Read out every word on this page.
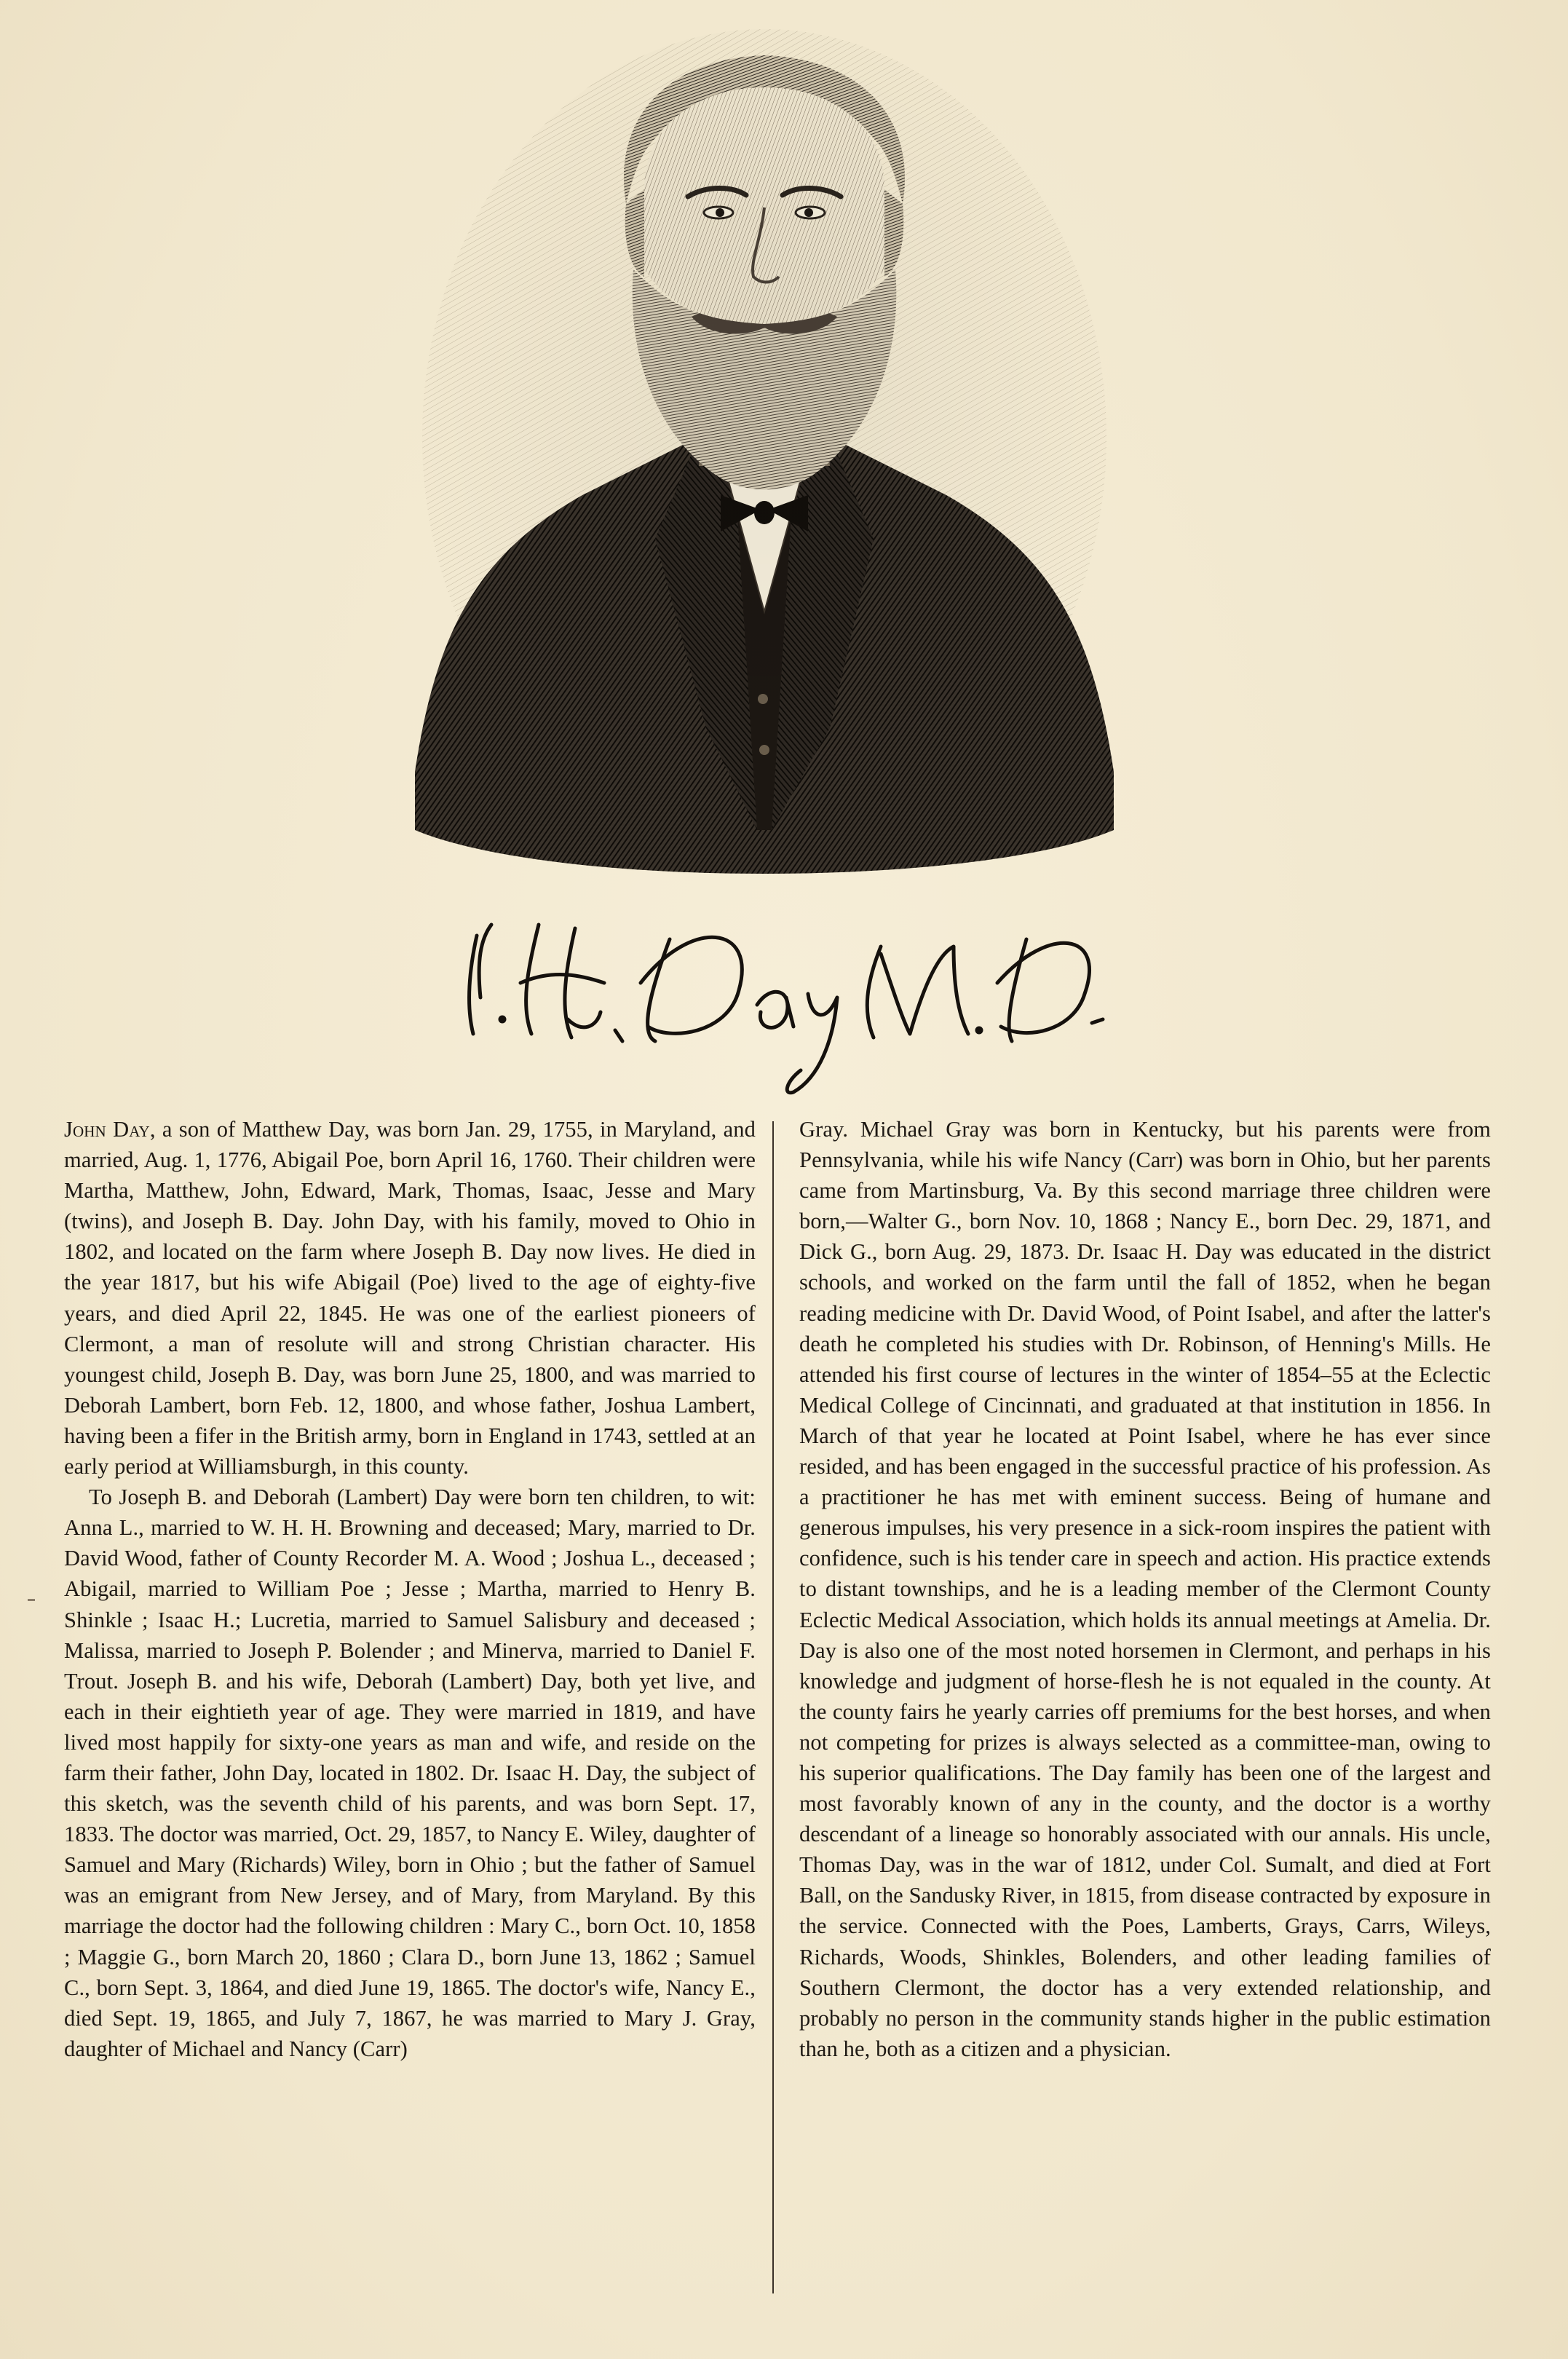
John Day, a son of Matthew Day, was born Jan. 29, 1755, in Maryland, and married, Aug. 1, 1776, Abigail Poe, born April 16, 1760. Their children were Martha, Matthew, John, Edward, Mark, Thomas, Isaac, Jesse and Mary (twins), and Joseph B. Day. John Day, with his family, moved to Ohio in 1802, and located on the farm where Joseph B. Day now lives. He died in the year 1817, but his wife Abigail (Poe) lived to the age of eighty-five years, and died April 22, 1845. He was one of the earliest pioneers of Clermont, a man of resolute will and strong Christian character. His youngest child, Joseph B. Day, was born June 25, 1800, and was married to Deborah Lambert, born Feb. 12, 1800, and whose father, Joshua Lambert, having been a fifer in the British army, born in England in 1743, settled at an early period at Williamsburgh, in this county.

To Joseph B. and Deborah (Lambert) Day were born ten children, to wit: Anna L., married to W. H. H. Browning and deceased; Mary, married to Dr. David Wood, father of County Recorder M. A. Wood ; Joshua L., deceased ; Abigail, married to William Poe ; Jesse ; Martha, married to Henry B. Shinkle ; Isaac H.; Lucretia, married to Samuel Salisbury and deceased ; Malissa, married to Joseph P. Bolender ; and Minerva, married to Daniel F. Trout. Joseph B. and his wife, Deborah (Lambert) Day, both yet live, and each in their eightieth year of age. They were married in 1819, and have lived most happily for sixty-one years as man and wife, and reside on the farm their father, John Day, located in 1802. Dr. Isaac H. Day, the subject of this sketch, was the seventh child of his parents, and was born Sept. 17, 1833. The doctor was married, Oct. 29, 1857, to Nancy E. Wiley, daughter of Samuel and Mary (Richards) Wiley, born in Ohio ; but the father of Samuel was an emigrant from New Jersey, and of Mary, from Maryland. By this marriage the doctor had the following children : Mary C., born Oct. 10, 1858 ; Maggie G., born March 20, 1860 ; Clara D., born June 13, 1862 ; Samuel C., born Sept. 3, 1864, and died June 19, 1865. The doctor's wife, Nancy E., died Sept. 19, 1865, and July 7, 1867, he was married to Mary J. Gray, daughter of Michael and Nancy (Carr)

Gray. Michael Gray was born in Kentucky, but his parents were from Pennsylvania, while his wife Nancy (Carr) was born in Ohio, but her parents came from Martinsburg, Va. By this second marriage three children were born,—Walter G., born Nov. 10, 1868 ; Nancy E., born Dec. 29, 1871, and Dick G., born Aug. 29, 1873. Dr. Isaac H. Day was educated in the district schools, and worked on the farm until the fall of 1852, when he began reading medicine with Dr. David Wood, of Point Isabel, and after the latter's death he completed his studies with Dr. Robinson, of Henning's Mills. He attended his first course of lectures in the winter of 1854–55 at the Eclectic Medical College of Cincinnati, and graduated at that institution in 1856. In March of that year he located at Point Isabel, where he has ever since resided, and has been engaged in the successful practice of his profession. As a practitioner he has met with eminent success. Being of humane and generous impulses, his very presence in a sick-room inspires the patient with confidence, such is his tender care in speech and action. His practice extends to distant townships, and he is a leading member of the Clermont County Eclectic Medical Association, which holds its annual meetings at Amelia. Dr. Day is also one of the most noted horsemen in Clermont, and perhaps in his knowledge and judgment of horse-flesh he is not equaled in the county. At the county fairs he yearly carries off premiums for the best horses, and when not competing for prizes is always selected as a committee-man, owing to his superior qualifications. The Day family has been one of the largest and most favorably known of any in the county, and the doctor is a worthy descendant of a lineage so honorably associated with our annals. His uncle, Thomas Day, was in the war of 1812, under Col. Sumalt, and died at Fort Ball, on the Sandusky River, in 1815, from disease contracted by exposure in the service. Connected with the Poes, Lamberts, Grays, Carrs, Wileys, Richards, Woods, Shinkles, Bolenders, and other leading families of Southern Clermont, the doctor has a very extended relationship, and probably no person in the community stands higher in the public estimation than he, both as a citizen and a physician.
